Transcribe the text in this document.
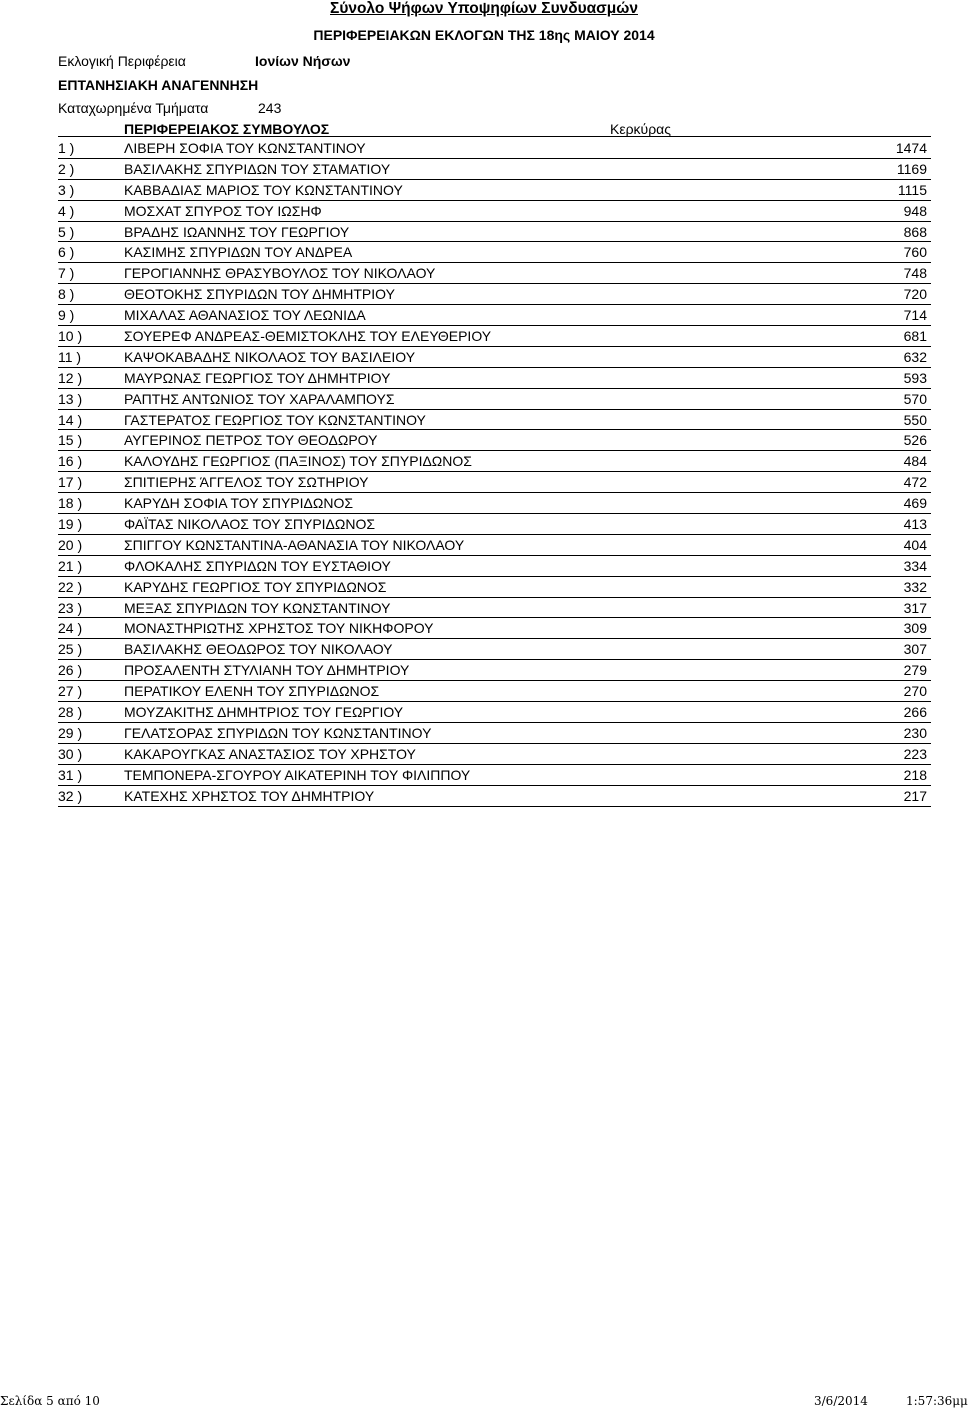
Σύνολο Ψήφων Υποψηφίων Συνδυασμών
ΠΕΡΙΦΕΡΕΙΑΚΩΝ ΕΚΛΟΓΩΝ ΤΗΣ 18ης ΜΑΙΟΥ 2014
Εκλογική Περιφέρεια	Ιονίων Νήσων
ΕΠΤΑΝΗΣΙΑΚΗ ΑΝΑΓΕΝΝΗΣΗ
Καταχωρημένα Τμήματα	243
ΠΕΡΙΦΕΡΕΙΑΚΟΣ ΣΥΜΒΟΥΛΟΣ	Κερκύρας
1 )	ΛΙΒΕΡΗ ΣΟΦΙΑ ΤΟΥ ΚΩΝΣΤΑΝΤΙΝΟΥ	1474
2 )	ΒΑΣΙΛΑΚΗΣ ΣΠΥΡΙΔΩΝ ΤΟΥ ΣΤΑΜΑΤΙΟΥ	1169
3 )	ΚΑΒΒΑΔΙΑΣ ΜΑΡΙΟΣ ΤΟΥ ΚΩΝΣΤΑΝΤΙΝΟΥ	1115
4 )	ΜΟΣΧΑΤ ΣΠΥΡΟΣ ΤΟΥ ΙΩΣΗΦ	948
5 )	ΒΡΑΔΗΣ ΙΩΑΝΝΗΣ ΤΟΥ ΓΕΩΡΓΙΟΥ	868
6 )	ΚΑΣΙΜΗΣ ΣΠΥΡΙΔΩΝ ΤΟΥ ΑΝΔΡΕΑ	760
7 )	ΓΕΡΟΓΙΑΝΝΗΣ ΘΡΑΣΥΒΟΥΛΟΣ ΤΟΥ ΝΙΚΟΛΑΟΥ	748
8 )	ΘΕΟΤΟΚΗΣ ΣΠΥΡΙΔΩΝ ΤΟΥ ΔΗΜΗΤΡΙΟΥ	720
9 )	ΜΙΧΑΛΑΣ ΑΘΑΝΑΣΙΟΣ ΤΟΥ ΛΕΩΝΙΔΑ	714
10 )	ΣΟΥΕΡΕΦ ΑΝΔΡΕΑΣ-ΘΕΜΙΣΤΟΚΛΗΣ ΤΟΥ ΕΛΕΥΘΕΡΙΟΥ	681
11 )	ΚΑΨΟΚΑΒΑΔΗΣ ΝΙΚΟΛΑΟΣ ΤΟΥ ΒΑΣΙΛΕΙΟΥ	632
12 )	ΜΑΥΡΩΝΑΣ ΓΕΩΡΓΙΟΣ ΤΟΥ ΔΗΜΗΤΡΙΟΥ	593
13 )	ΡΑΠΤΗΣ ΑΝΤΩΝΙΟΣ ΤΟΥ ΧΑΡΑΛΑΜΠΟΥΣ	570
14 )	ΓΑΣΤΕΡΑΤΟΣ ΓΕΩΡΓΙΟΣ ΤΟΥ ΚΩΝΣΤΑΝΤΙΝΟΥ	550
15 )	ΑΥΓΕΡΙΝΟΣ ΠΕΤΡΟΣ ΤΟΥ ΘΕΟΔΩΡΟΥ	526
16 )	ΚΑΛΟΥΔΗΣ ΓΕΩΡΓΙΟΣ (ΠΑΞΙΝΟΣ) ΤΟΥ ΣΠΥΡΙΔΩΝΟΣ	484
17 )	ΣΠΙΤΙΕΡΗΣ ΆΓΓΕΛΟΣ ΤΟΥ ΣΩΤΗΡΙΟΥ	472
18 )	ΚΑΡΥΔΗ ΣΟΦΙΑ ΤΟΥ ΣΠΥΡΙΔΩΝΟΣ	469
19 )	ΦΑΪΤΑΣ ΝΙΚΟΛΑΟΣ ΤΟΥ ΣΠΥΡΙΔΩΝΟΣ	413
20 )	ΣΠΙΓΓΟΥ ΚΩΝΣΤΑΝΤΙΝΑ-ΑΘΑΝΑΣΙΑ ΤΟΥ ΝΙΚΟΛΑΟΥ	404
21 )	ΦΛΟΚΑΛΗΣ ΣΠΥΡΙΔΩΝ ΤΟΥ ΕΥΣΤΑΘΙΟΥ	334
22 )	ΚΑΡΥΔΗΣ ΓΕΩΡΓΙΟΣ ΤΟΥ ΣΠΥΡΙΔΩΝΟΣ	332
23 )	ΜΕΞΑΣ ΣΠΥΡΙΔΩΝ ΤΟΥ ΚΩΝΣΤΑΝΤΙΝΟΥ	317
24 )	ΜΟΝΑΣΤΗΡΙΩΤΗΣ ΧΡΗΣΤΟΣ ΤΟΥ ΝΙΚΗΦΟΡΟΥ	309
25 )	ΒΑΣΙΛΑΚΗΣ ΘΕΟΔΩΡΟΣ ΤΟΥ ΝΙΚΟΛΑΟΥ	307
26 )	ΠΡΟΣΑΛΕΝΤΗ ΣΤΥΛΙΑΝΗ ΤΟΥ ΔΗΜΗΤΡΙΟΥ	279
27 )	ΠΕΡΑΤΙΚΟΥ ΕΛΕΝΗ ΤΟΥ ΣΠΥΡΙΔΩΝΟΣ	270
28 )	ΜΟΥΖΑΚΙΤΗΣ ΔΗΜΗΤΡΙΟΣ ΤΟΥ ΓΕΩΡΓΙΟΥ	266
29 )	ΓΕΛΑΤΣΟΡΑΣ ΣΠΥΡΙΔΩΝ ΤΟΥ ΚΩΝΣΤΑΝΤΙΝΟΥ	230
30 )	ΚΑΚΑΡΟΥΓΚΑΣ ΑΝΑΣΤΑΣΙΟΣ ΤΟΥ ΧΡΗΣΤΟΥ	223
31 )	ΤΕΜΠΟΝΕΡΑ-ΣΓΟΥΡΟΥ ΑΙΚΑΤΕΡΙΝΗ ΤΟΥ ΦΙΛΙΠΠΟΥ	218
32 )	ΚΑΤΕΧΗΣ ΧΡΗΣΤΟΣ ΤΟΥ ΔΗΜΗΤΡΙΟΥ	217
Σελίδα 5 από 10	3/6/2014	1:57:36μμ
